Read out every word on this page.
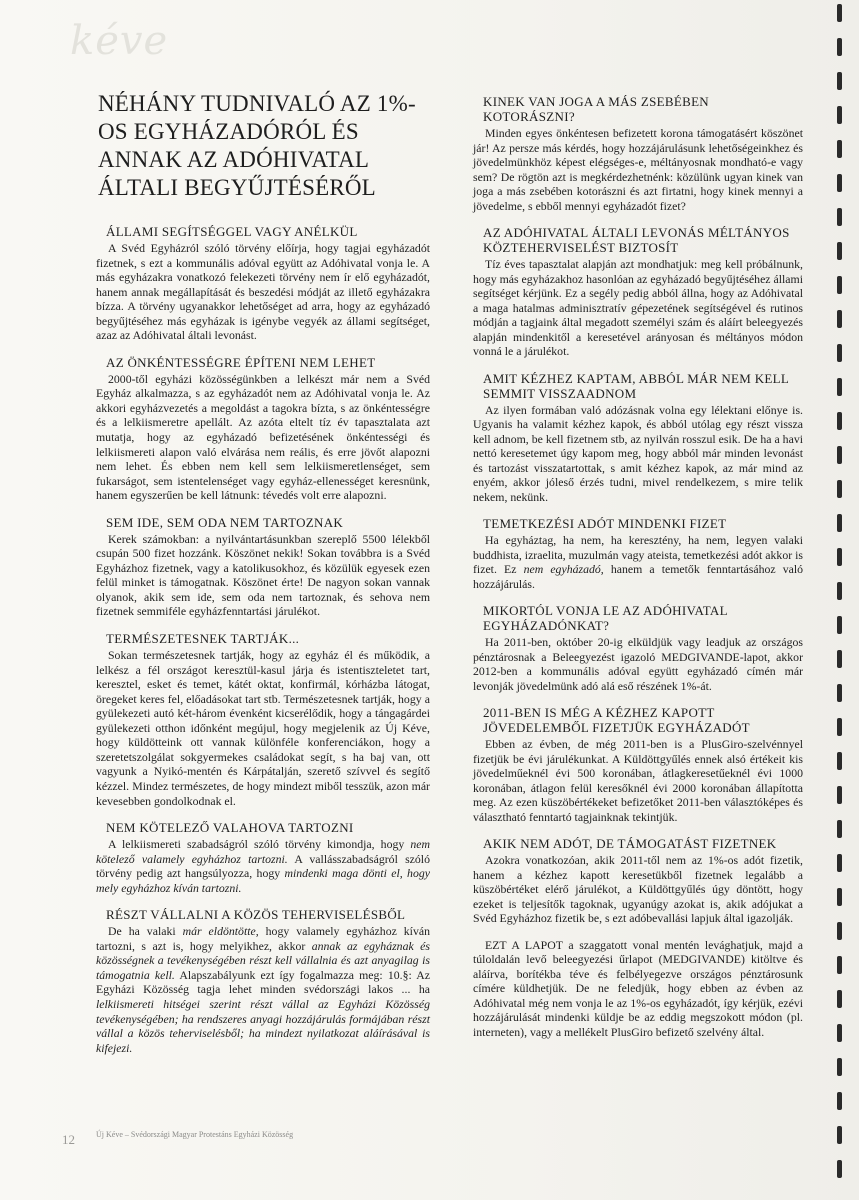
kéve
NÉHÁNY TUDNIVALÓ AZ 1%-OS EGYHÁZADÓRÓL ÉS ANNAK AZ ADÓHIVATAL ÁLTALI BEGYŰJTÉSÉRŐL
ÁLLAMI SEGÍTSÉGGEL VAGY ANÉLKÜL

A Svéd Egyházról szóló törvény előírja, hogy tagjai egyházadót fizetnek, s ezt a kommunális adóval együtt az Adóhivatal vonja le. A más egyházakra vonatkozó felekezeti törvény nem ír elő egyházadót, hanem annak megállapítását és beszedési módját az illető egyházakra bízza. A törvény ugyanakkor lehetőséget ad arra, hogy az egyházadó begyűjtéséhez más egyházak is igénybe vegyék az állami segítséget, azaz az Adóhivatal általi levonást.

AZ ÖNKÉNTESSÉGRE ÉPÍTENI NEM LEHET

2000-től egyházi közösségünkben a lelkészt már nem a Svéd Egyház alkalmazza, s az egyházadót nem az Adóhivatal vonja le. Az akkori egyházvezetés a megoldást a tagokra bízta, s az önkéntességre és a lelkiismeretre apellált. Az azóta eltelt tíz év tapasztalata azt mutatja, hogy az egyházadó befizetésének önkéntességi és lelkiismereti alapon való elvárása nem reális, és erre jövőt alapozni nem lehet. És ebben nem kell sem lelkiismeretlenséget, sem fukarságot, sem istentelenséget vagy egyház-ellenességet keresnünk, hanem egyszerűen be kell látnunk: tévedés volt erre alapozni.

SEM IDE, SEM ODA NEM TARTOZNAK

Kerek számokban: a nyilvántartásunkban szereplő 5500 lélekből csupán 500 fizet hozzánk. Köszönet nekik! Sokan továbbra is a Svéd Egyházhoz fizetnek, vagy a katolikusokhoz, és közülük egyesek ezen felül minket is támogatnak. Köszönet érte! De nagyon sokan vannak olyanok, akik sem ide, sem oda nem tartoznak, és sehova nem fizetnek semmiféle egyházfenntartási járulékot.

TERMÉSZETESNEK TARTJÁK...

Sokan természetesnek tartják, hogy az egyház él és működik, a lelkész a fél országot keresztül-kasul járja és istentiszteletet tart, keresztel, esket és temet, kátét oktat, konfirmál, kórházba látogat, öregeket keres fel, előadásokat tart stb. Természetesnek tartják, hogy a gyülekezeti autó két-három évenként kicserélődik, hogy a tángagárdei gyülekezeti otthon időnként megújul, hogy megjelenik az Új Kéve, hogy küldötteink ott vannak különféle konferenciákon, hogy a szeretetszolgálat sokgyermekes családokat segít, s ha baj van, ott vagyunk a Nyikó-mentén és Kárpátalján, szerető szívvel és segítő kézzel. Mindez természetes, de hogy mindezt miből tesszük, azon már kevesebben gondolkodnak el.

NEM KÖTELEZŐ VALAHOVA TARTOZNI

A lelkiismereti szabadságról szóló törvény kimondja, hogy nem kötelező valamely egyházhoz tartozni. A vallásszabadságról szóló törvény pedig azt hangsúlyozza, hogy mindenki maga dönti el, hogy mely egyházhoz kíván tartozni.

RÉSZT VÁLLALNI A KÖZÖS TEHERVISELÉSBŐL

De ha valaki már eldöntötte, hogy valamely egyházhoz kíván tartozni, s azt is, hogy melyikhez, akkor annak az egyháznak és közösségnek a tevékenységében részt kell vállalnia és azt anyagilag is támogatnia kell. Alapszabályunk ezt így fogalmazza meg: 10.§: Az Egyházi Közösség tagja lehet minden svédországi lakos ... ha lelkiismereti hitségei szerint részt vállal az Egyházi Közösség tevékenységében; ha rendszeres anyagi hozzájárulás formájában részt vállal a közös teherviselésből; ha mindezt nyilatkozat aláírásával is kifejezi.

KINEK VAN JOGA A MÁS ZSEBÉBEN KOTORÁSZNI?

Minden egyes önkéntesen befizetett korona támogatásért köszönet jár! Az persze más kérdés, hogy hozzájárulásunk lehetőségeinkhez és jövedelmünkhöz képest elégséges-e, méltányosnak mondható-e vagy sem? De rögtön azt is megkérdezhetnénk: közülünk ugyan kinek van joga a más zsebében kotorászni és azt firtatni, hogy kinek mennyi a jövedelme, s ebből mennyi egyházadót fizet?

AZ ADÓHIVATAL ÁLTALI LEVONÁS MÉLTÁNYOS KÖZTEHERVISELÉST BIZTOSÍT

Tíz éves tapasztalat alapján azt mondhatjuk: meg kell próbálnunk, hogy más egyházakhoz hasonlóan az egyházadó begyűjtéséhez állami segítséget kérjünk. Ez a segély pedig abból állna, hogy az Adóhivatal a maga hatalmas adminisztratív gépezetének segítségével és rutinos módján a tagjaink által megadott személyi szám és aláírt beleegyezés alapján mindenkitől a keresetével arányosan és méltányos módon vonná le a járulékot.

AMIT KÉZHEZ KAPTAM, ABBÓL MÁR NEM KELL SEMMIT VISSZAADNOM

Az ilyen formában való adózásnak volna egy lélektani előnye is. Ugyanis ha valamit kézhez kapok, és abból utólag egy részt vissza kell adnom, be kell fizetnem stb, az nyilván rosszul esik. De ha a havi nettó keresetemet úgy kapom meg, hogy abból már minden levonást és tartozást visszatartottak, s amit kézhez kapok, az már mind az enyém, akkor jóleső érzés tudni, mivel rendelkezem, s mire telik nekem, nekünk.

TEMETKEZÉSI ADÓT MINDENKI FIZET

Ha egyháztag, ha nem, ha keresztény, ha nem, legyen valaki buddhista, izraelita, muzulmán vagy ateista, temetkezési adót akkor is fizet. Ez nem egyházadó, hanem a temetők fenntartásához való hozzájárulás.

MIKORTÓL VONJA LE AZ ADÓHIVATAL EGYHÁZADÓNKAT?

Ha 2011-ben, október 20-ig elküldjük vagy leadjuk az országos pénztárosnak a Beleegyezést igazoló MEDGIVANDE-lapot, akkor 2012-ben a kommunális adóval együtt egyházadó címén már levonják jövedelmünk adó alá eső részének 1%-át.

2011-BEN IS MÉG A KÉZHEZ KAPOTT JÖVEDELEMBŐL FIZETJÜK EGYHÁZADÓT

Ebben az évben, de még 2011-ben is a PlusGiro-szelvénnyel fizetjük be évi járulékunkat. A Küldöttgyűlés ennek alsó értékeit kis jövedelműeknél évi 500 koronában, átlagkeresetűeknél évi 1000 koronában, átlagon felül keresőknél évi 2000 koronában állapította meg. Az ezen küszöbértékeket befizetőket 2011-ben választóképes és választható fenntartó tagjainknak tekintjük.

AKIK NEM ADÓT, DE TÁMOGATÁST FIZETNEK

Azokra vonatkozóan, akik 2011-től nem az 1%-os adót fizetik, hanem a kézhez kapott keresetükből fizetnek legalább a küszöbértéket elérő járulékot, a Küldöttgyűlés úgy döntött, hogy ezeket is teljesítők tagoknak, ugyanúgy azokat is, akik adójukat a Svéd Egyházhoz fizetik be, s ezt adóbevallási lapjuk által igazolják.

EZT A LAPOT a szaggatott vonal mentén levághatjuk, majd a túloldalán levő beleegyezési űrlapot (MEDGIVANDE) kitöltve és aláírva, borítékba téve és felbélyegezve országos pénztárosunk címére küldhetjük. De ne feledjük, hogy ebben az évben az Adóhivatal még nem vonja le az 1%-os egyházadót, így kérjük, ezévi hozzájárulását mindenki küldje be az eddig megszokott módon (pl. interneten), vagy a mellékelt PlusGiro befizető szelvény által.

12	Új Kéve – Svédországi Magyar Protestáns Egyházi Közösség
